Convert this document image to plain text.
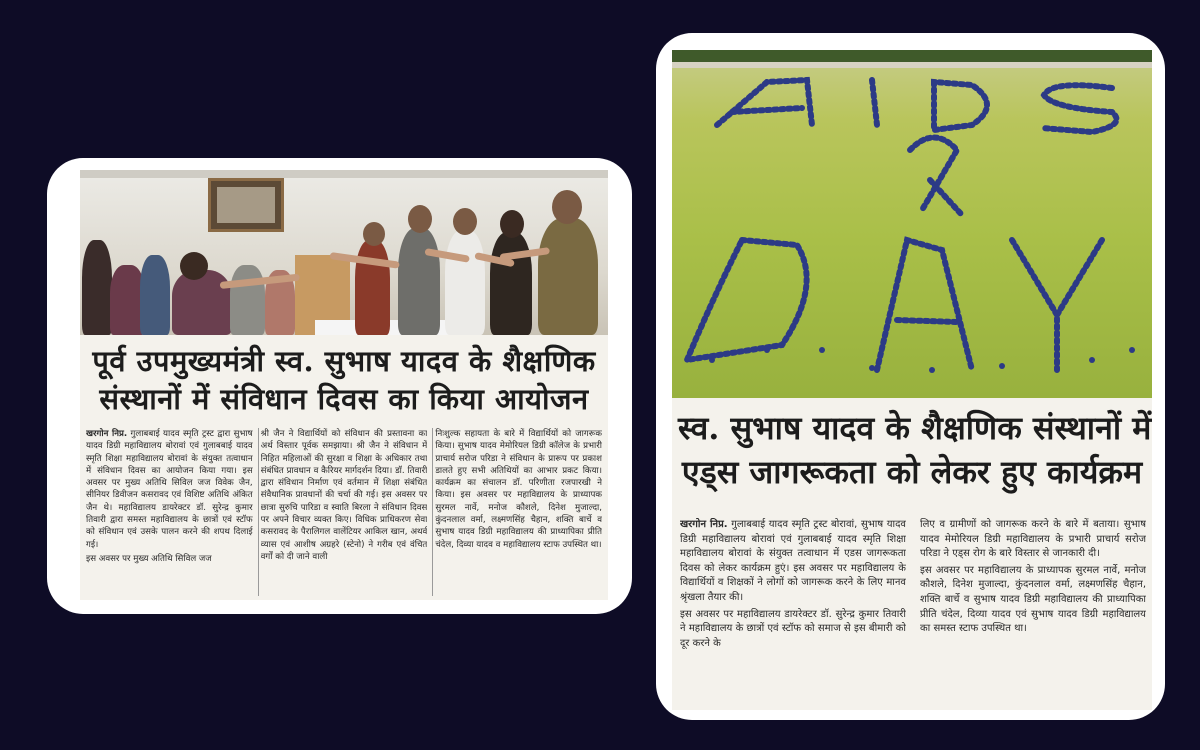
पूर्व उपमुख्यमंत्री स्व. सुभाष यादव के शैक्षणिक
संस्थानों में संविधान दिवस का किया आयोजन

खरगोन निप्र. गुलाबबाई यादव स्मृति ट्रस्ट द्वारा सुभाष यादव डिग्री महाविद्यालय बोरावां एवं गुलाबबाई यादव स्मृति शिक्षा महाविद्यालय बोरावां के संयुक्त तत्वाधान में संविधान दिवस का आयोजन किया गया। इस अवसर पर मुख्य अतिथि सिविल जज विवेक जैन, सीनियर डिवीजन कसरावद एवं विशिष्ट अतिथि अंकित जैन थे। महाविद्यालय डायरेक्टर डॉ. सुरेन्द्र कुमार तिवारी द्वारा समस्त महाविद्यालय के छात्रों एवं स्टॉफ को संविधान एवं उसके पालन करने की शपथ दिलाई गई।

इस अवसर पर मुख्य अतिथि सिविल जज

श्री जैन ने विद्यार्थियों को संविधान की प्रस्तावना का अर्थ विस्तार पूर्वक समझाया। श्री जैन ने संविधान में निहित महिलाओं की सुरक्षा व शिक्षा के अधिकार तथा संबंधित प्रावधान व कैरियर मार्गदर्शन दिया। डॉ. तिवारी द्वारा संविधान निर्माण एवं वर्तमान में शिक्षा संबंधित संवैधानिक प्रावधानों की चर्चा की गई। इस अवसर पर छात्रा सुरुचि पारिडा व स्वाति बिरला ने संविधान दिवस पर अपने विचार व्यक्त किए। विधिक प्राधिकरण सेवा कसरावद के पैरालिगल वालेंटियर आकिल खान, अथर्व व्यास एवं आशीष अग्रहरे (स्टेनो) ने गरीब एवं वंचित वर्गों को दी जाने वाली

निःशुल्क सहायता के बारे में विद्यार्थियों को जागरूक किया। सुभाष यादव मेमोरियल डिग्री कॉलेज के प्रभारी प्राचार्य सरोज परिडा ने संविधान के प्रारूप पर प्रकाश डालते हुए सभी अतिथियों का आभार प्रकट किया। कार्यक्रम का संचालन डॉ. परिणीता रजपारखी ने किया। इस अवसर पर महाविद्यालय के प्राध्यापक सुरमल नार्वे, मनोज कौशले, दिनेश मुजाल्दा, कुंदनलाल वर्मा, लक्ष्मणसिंह चैहान, शक्ति बार्चे व सुभाष यादव डिग्री महाविद्यालय की प्राध्यापिका प्रीति चंदेल, दिव्या यादव व महाविद्यालय स्टाफ उपस्थित था।

स्व. सुभाष यादव के शैक्षणिक संस्थानों में
एड्स जागरूकता को लेकर हुए कार्यक्रम

खरगोन निप्र. गुलाबबाई यादव स्मृति ट्रस्ट बोरावां, सुभाष यादव डिग्री महाविद्यालय बोरावां एवं गुलाबबाई यादव स्मृति शिक्षा महाविद्यालय बोरावां के संयुक्त तत्वाधान में एडस जागरूकता दिवस को लेकर कार्यक्रम हुएं। इस अवसर पर महाविद्यालय के विद्यार्थियों व शिक्षकों ने लोगों को जागरूक करने के लिए मानव श्रृंखला तैयार की।

इस अवसर पर महाविद्यालय डायरेक्टर डॉ. सुरेन्द्र कुमार तिवारी ने महाविद्यालय के छात्रों एवं स्टॉफ को समाज से इस बीमारी को दूर करने के

लिए व ग्रामीणों को जागरूक करने के बारे में बताया। सुभाष यादव मेमोरियल डिग्री महाविद्यालय के प्रभारी प्राचार्य सरोज परिडा ने एड्स रोग के बारे विस्तार से जानकारी दी।

इस अवसर पर महाविद्यालय के प्राध्यापक सुरमल नार्वे, मनोज कौशले, दिनेश मुजाल्दा, कुंदनलाल वर्मा, लक्ष्मणसिंह चैहान, शक्ति बार्चे व सुभाष यादव डिग्री महाविद्यालय की प्राध्यापिका प्रीति चंदेल, दिव्या यादव एवं सुभाष यादव डिग्री महाविद्यालय का समस्त स्टाफ उपस्थित था।
